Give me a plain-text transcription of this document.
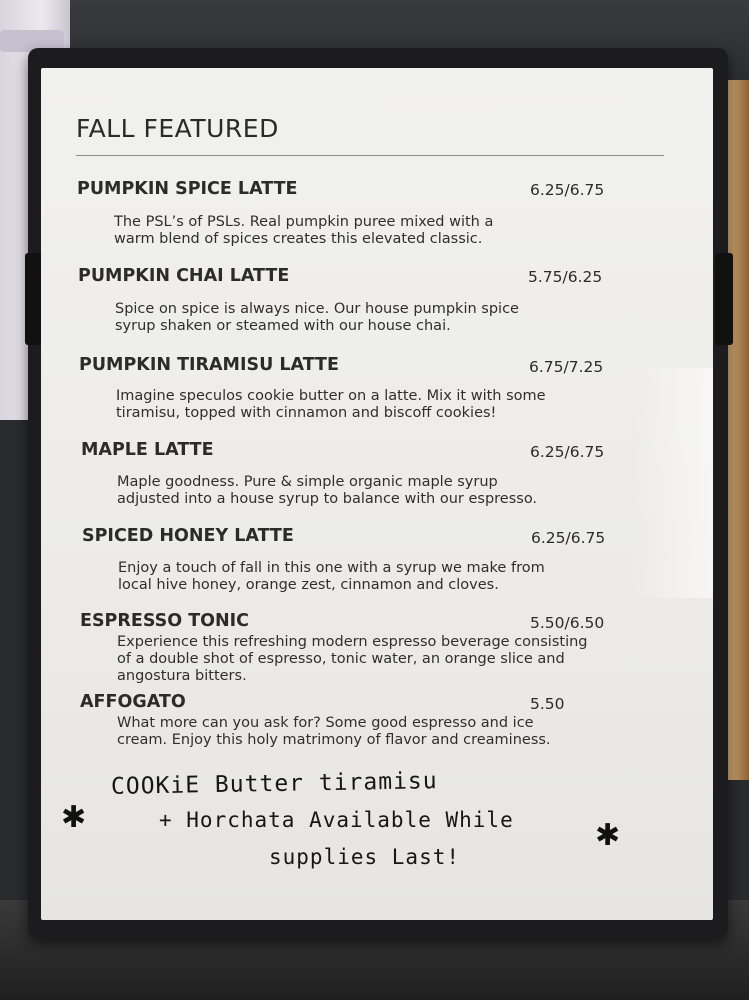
FALL FEATURED
PUMPKIN SPICE LATTE	6.25/6.75
The PSL’s of PSLs. Real pumpkin puree mixed with a
warm blend of spices creates this elevated classic.
PUMPKIN CHAI LATTE	5.75/6.25
Spice on spice is always nice. Our house pumpkin spice
syrup shaken or steamed with our house chai.
PUMPKIN TIRAMISU LATTE	6.75/7.25
Imagine speculos cookie butter on a latte. Mix it with some
tiramisu, topped with cinnamon and biscoff cookies!
MAPLE LATTE	6.25/6.75
Maple goodness. Pure & simple organic maple syrup
adjusted into a house syrup to balance with our espresso.
SPICED HONEY LATTE	6.25/6.75
Enjoy a touch of fall in this one with a syrup we make from
local hive honey, orange zest, cinnamon and cloves.
ESPRESSO TONIC	5.50/6.50
Experience this refreshing modern espresso beverage consisting
of a double shot of espresso, tonic water, an orange slice and
angostura bitters.
AFFOGATO	5.50
What more can you ask for? Some good espresso and ice
cream. Enjoy this holy matrimony of flavor and creaminess.
COOKiE Butter tiramisu
+ Horchata Available While
supplies Last!
✱
✱
